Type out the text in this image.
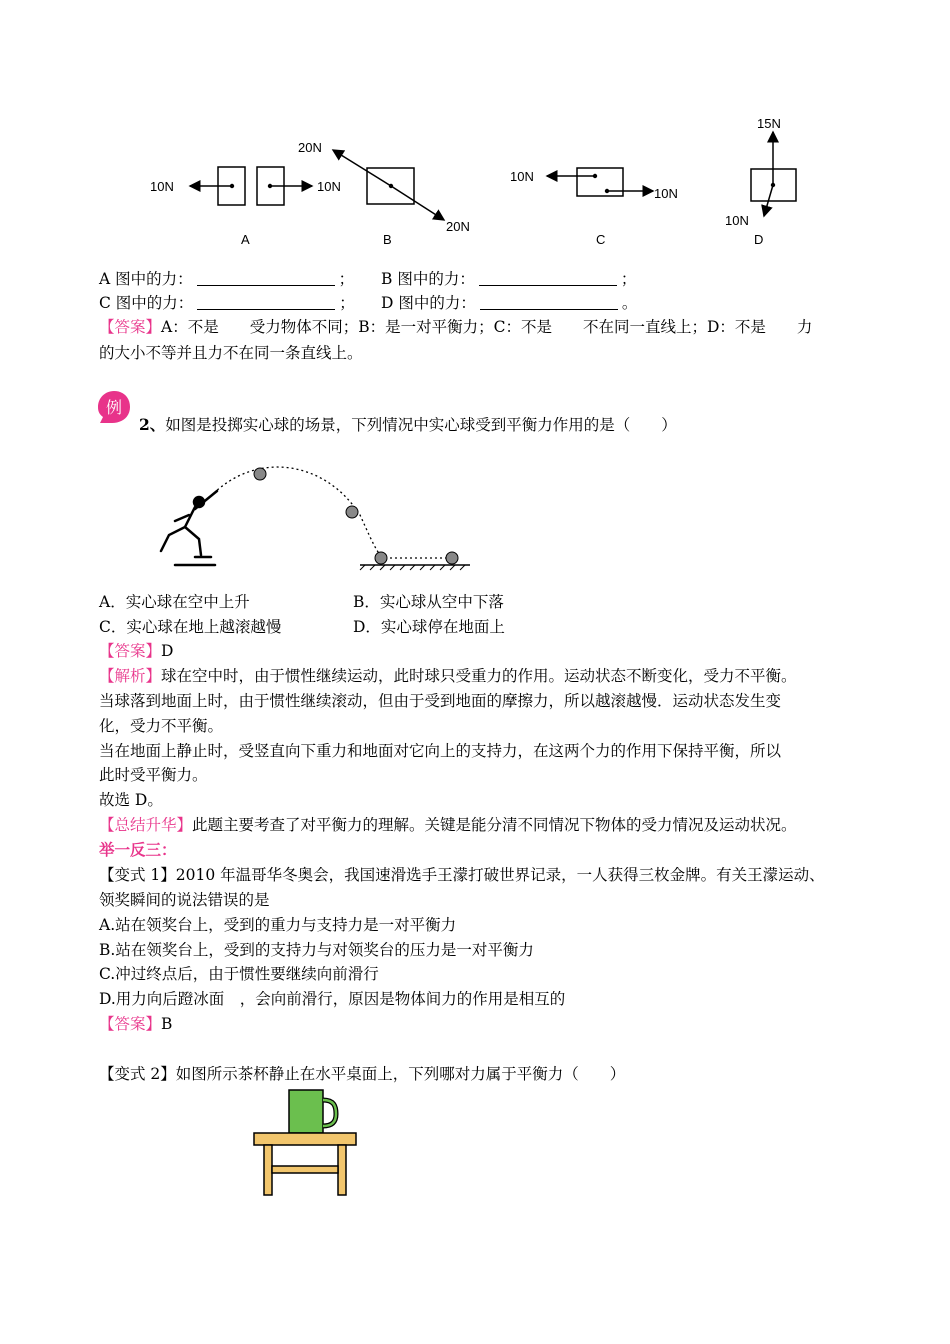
10N	10N
A
20N
20N
B
10N
10N
C
15N
10N
D
A 图中的力：	； B 图中的力：	；
C 图中的力：	； D 图中的力：	。
【答案】A：不是　　受力物体不同；B：是一对平衡力；C：不是　　不在同一直线上；D：不是　　力
的大小不等并且力不在同一条直线上。
例
2、如图是投掷实心球的场景，下列情况中实心球受到平衡力作用的是（　　）
A．实心球在空中上升	B．实心球从空中下落
C．实心球在地上越滚越慢	D．实心球停在地面上
【答案】D
【解析】球在空中时，由于惯性继续运动，此时球只受重力的作用。运动状态不断变化，受力不平衡。
当球落到地面上时，由于惯性继续滚动，但由于受到地面的摩擦力，所以越滚越慢．运动状态发生变
化，受力不平衡。
当在地面上静止时，受竖直向下重力和地面对它向上的支持力，在这两个力的作用下保持平衡，所以
此时受平衡力。
故选 D。
【总结升华】此题主要考查了对平衡力的理解。关键是能分清不同情况下物体的受力情况及运动状况。
举一反三：
【变式 1】2010 年温哥华冬奥会，我国速滑选手王濛打破世界记录，一人获得三枚金牌。有关王濛运动、
领奖瞬间的说法错误的是
A.站在领奖台上，受到的重力与支持力是一对平衡力
B.站在领奖台上，受到的支持力与对领奖台的压力是一对平衡力
C.冲过终点后，由于惯性要继续向前滑行
D.用力向后蹬冰面　，会向前滑行，原因是物体间力的作用是相互的
【答案】B
【变式 2】如图所示茶杯静止在水平桌面上，下列哪对力属于平衡力（　　）
